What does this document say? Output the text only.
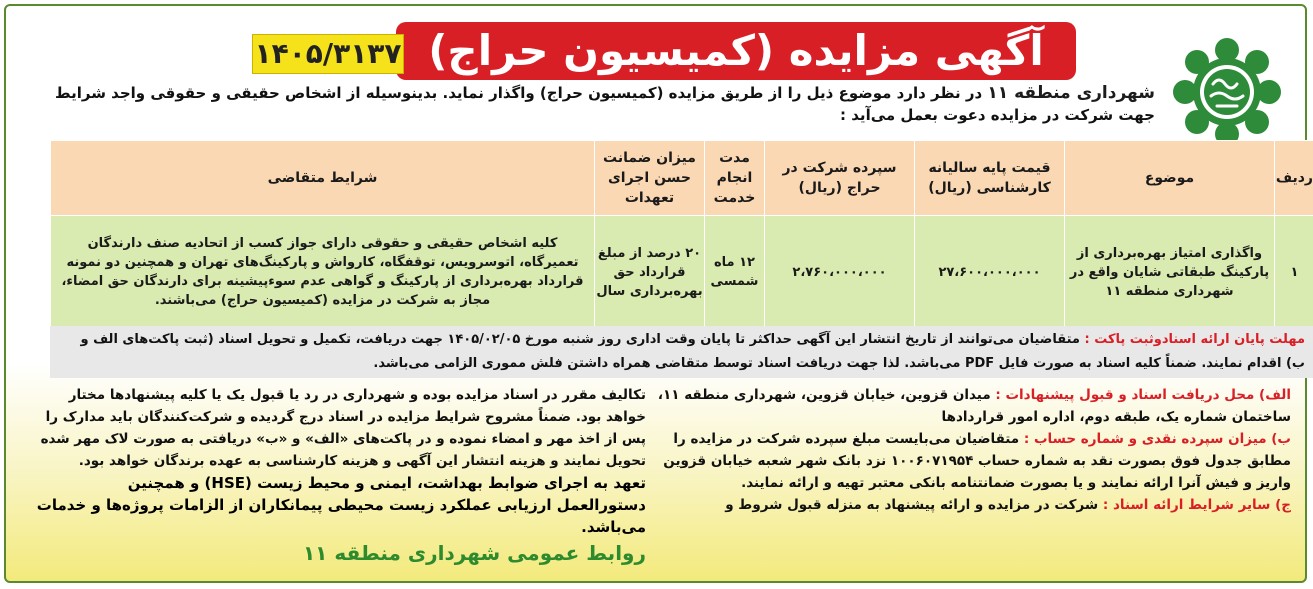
آگهی مزایده (کمیسیون حراج)
۱۴۰۵/۳۱۳۷
شهرداری منطقه ۱۱ در نظر دارد موضوع ذیل را از طریق مزایده (کمیسیون حراج) واگذار نماید. بدینوسیله از اشخاص حقیقی و حقوقی واجد شرایط جهت شرکت در مزایده دعوت بعمل می‌آید :
ردیف	موضوع	قیمت پایه سالیانه کارشناسی (ریال)	سپرده شرکت در حراج (ریال)	مدت انجام خدمت	میزان ضمانت حسن اجرای تعهدات	شرایط متقاضی
۱	واگذاری امتیاز بهره‌برداری از پارکینگ طبقاتی شایان واقع در شهرداری منطقه ۱۱	۲۷،۶۰۰،۰۰۰،۰۰۰	۲،۷۶۰،۰۰۰،۰۰۰	۱۲ ماه شمسی	۲۰ درصد از مبلغ قرارداد حق بهره‌برداری سال	کلیه اشخاص حقیقی و حقوقی دارای جواز کسب از اتحادیه صنف دارندگان تعمیرگاه، اتوسرویس، توقفگاه، کارواش و پارکینگ‌های تهران و همچنین دو نمونه قرارداد بهره‌برداری از پارکینگ و گواهی عدم سوءپیشینه برای دارندگان حق امضاء، مجاز به شرکت در مزایده (کمیسیون حراج) می‌باشند.
مهلت پایان ارائه اسنادوثبت پاکت : متقاضیان می‌توانند از تاریخ انتشار این آگهی حداکثر تا پایان وقت اداری روز شنبه مورخ ۱۴۰۵/۰۲/۰۵ جهت دریافت، تکمیل و تحویل اسناد (ثبت پاکت‌های الف و ب) اقدام نمایند. ضمناً کلیه اسناد به صورت فایل PDF می‌باشد. لذا جهت دریافت اسناد توسط متقاضی همراه داشتن فلش مموری الزامی می‌باشد.
الف) محل دریافت اسناد و قبول پیشنهادات : میدان قزوین، خیابان قزوین، شهرداری منطقه ۱۱، ساختمان شماره یک، طبقه دوم، اداره امور قراردادها
ب) میزان سپرده نقدی و شماره حساب : متقاضیان می‌بایست مبلغ سپرده شرکت در مزایده را مطابق جدول فوق بصورت نقد به شماره حساب ۱۰۰۶۰۷۱۹۵۴ نزد بانک شهر شعبه خیابان قزوین واریز و فیش آنرا ارائه نمایند و یا بصورت ضمانتنامه بانکی معتبر تهیه و ارائه نمایند.
ج) سایر شرایط ارائه اسناد : شرکت در مزایده و ارائه پیشنهاد به منزله قبول شروط و
تکالیف مقرر در اسناد مزایده بوده و شهرداری در رد یا قبول یک یا کلیه پیشنهادها مختار خواهد بود. ضمناً مشروح شرایط مزایده در اسناد درج گردیده و شرکت‌کنندگان باید مدارک را پس از اخذ مهر و امضاء نموده و در پاکت‌های «الف» و «ب» دریافتی به صورت لاک مهر شده تحویل نمایند و هزینه انتشار این آگهی و هزینه کارشناسی به عهده برندگان خواهد بود.
تعهد به اجرای ضوابط بهداشت، ایمنی و محیط زیست (HSE) و همچنین دستورالعمل ارزیابی عملکرد زیست محیطی پیمانکاران از الزامات پروژه‌ها و خدمات می‌باشد.
روابط عمومی شهرداری منطقه ۱۱
